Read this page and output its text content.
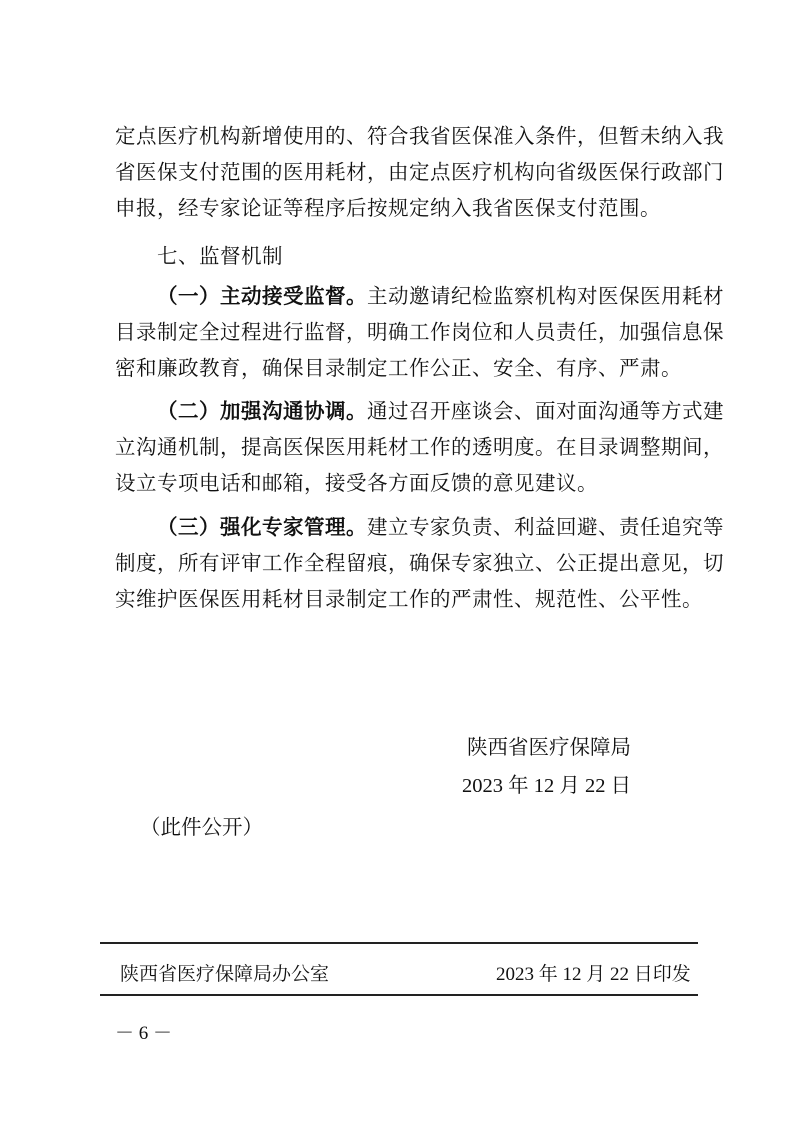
定点医疗机构新增使用的、符合我省医保准入条件，但暂未纳入我
省医保支付范围的医用耗材，由定点医疗机构向省级医保行政部门
申报，经专家论证等程序后按规定纳入我省医保支付范围。
七、监督机制
（一）主动接受监督。主动邀请纪检监察机构对医保医用耗材
目录制定全过程进行监督，明确工作岗位和人员责任，加强信息保
密和廉政教育，确保目录制定工作公正、安全、有序、严肃。
（二）加强沟通协调。通过召开座谈会、面对面沟通等方式建
立沟通机制，提高医保医用耗材工作的透明度。在目录调整期间，
设立专项电话和邮箱，接受各方面反馈的意见建议。
（三）强化专家管理。建立专家负责、利益回避、责任追究等
制度，所有评审工作全程留痕，确保专家独立、公正提出意见，切
实维护医保医用耗材目录制定工作的严肃性、规范性、公平性。
陕西省医疗保障局
2023 年 12 月 22 日
（此件公开）
陕西省医疗保障局办公室	2023 年 12 月 22 日印发
－ 6 －
